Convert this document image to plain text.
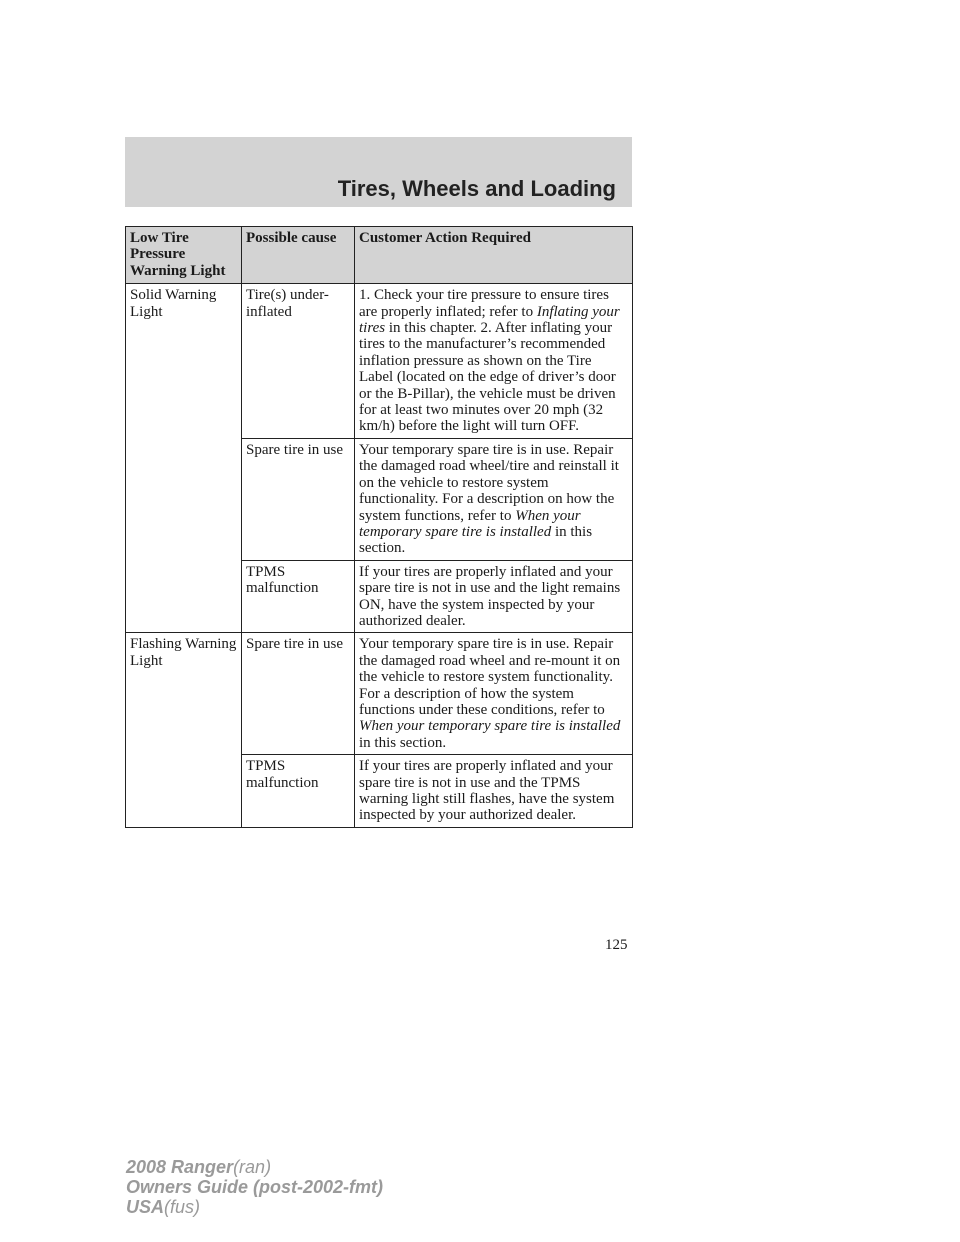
Tires, Wheels and Loading
Low Tire Pressure Warning Light	Possible cause	Customer Action Required
Solid Warning Light	Tire(s) under-inflated	1. Check your tire pressure to ensure tires are properly inflated; refer to Inflating your tires in this chapter. 2. After inflating your tires to the manufacturer’s recommended inflation pressure as shown on the Tire Label (located on the edge of driver’s door or the B-Pillar), the vehicle must be driven for at least two minutes over 20 mph (32 km/h) before the light will turn OFF.
	Spare tire in use	Your temporary spare tire is in use. Repair the damaged road wheel/tire and reinstall it on the vehicle to restore system functionality. For a description on how the system functions, refer to When your temporary spare tire is installed in this section.
	TPMS malfunction	If your tires are properly inflated and your spare tire is not in use and the light remains ON, have the system inspected by your authorized dealer.
Flashing Warning Light	Spare tire in use	Your temporary spare tire is in use. Repair the damaged road wheel and re-mount it on the vehicle to restore system functionality. For a description of how the system functions under these conditions, refer to When your temporary spare tire is installed in this section.
	TPMS malfunction	If your tires are properly inflated and your spare tire is not in use and the TPMS warning light still flashes, have the system inspected by your authorized dealer.
125
2008 Ranger(ran)
Owners Guide (post-2002-fmt)
USA(fus)
